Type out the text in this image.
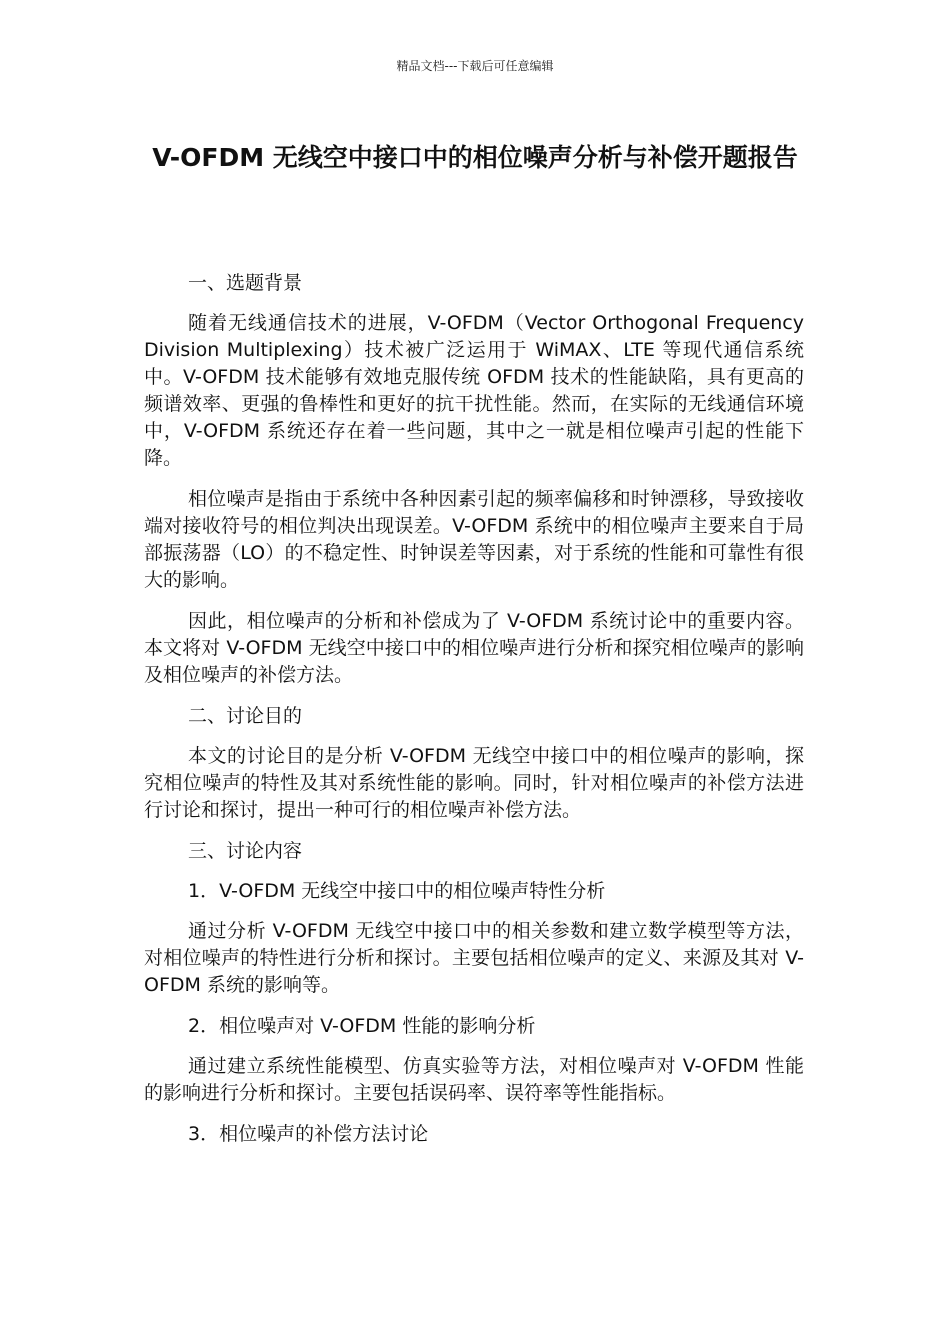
精品文档---下载后可任意编辑
V-OFDM 无线空中接口中的相位噪声分析与补偿开题报告

一、选题背景

随着无线通信技术的进展，V-OFDM（Vector Orthogonal Frequency Division Multiplexing）技术被广泛运用于 WiMAX、LTE 等现代通信系统中。V-OFDM 技术能够有效地克服传统 OFDM 技术的性能缺陷，具有更高的频谱效率、更强的鲁棒性和更好的抗干扰性能。然而，在实际的无线通信环境中，V-OFDM 系统还存在着一些问题，其中之一就是相位噪声引起的性能下降。

相位噪声是指由于系统中各种因素引起的频率偏移和时钟漂移，导致接收端对接收符号的相位判决出现误差。V-OFDM 系统中的相位噪声主要来自于局部振荡器（LO）的不稳定性、时钟误差等因素，对于系统的性能和可靠性有很大的影响。

因此，相位噪声的分析和补偿成为了 V-OFDM 系统讨论中的重要内容。本文将对 V-OFDM 无线空中接口中的相位噪声进行分析和探究相位噪声的影响及相位噪声的补偿方法。

二、讨论目的

本文的讨论目的是分析 V-OFDM 无线空中接口中的相位噪声的影响，探究相位噪声的特性及其对系统性能的影响。同时，针对相位噪声的补偿方法进行讨论和探讨，提出一种可行的相位噪声补偿方法。

三、讨论内容

1．V-OFDM 无线空中接口中的相位噪声特性分析

通过分析 V-OFDM 无线空中接口中的相关参数和建立数学模型等方法，对相位噪声的特性进行分析和探讨。主要包括相位噪声的定义、来源及其对 V-OFDM 系统的影响等。

2．相位噪声对 V-OFDM 性能的影响分析

通过建立系统性能模型、仿真实验等方法，对相位噪声对 V-OFDM 性能的影响进行分析和探讨。主要包括误码率、误符率等性能指标。

3．相位噪声的补偿方法讨论
